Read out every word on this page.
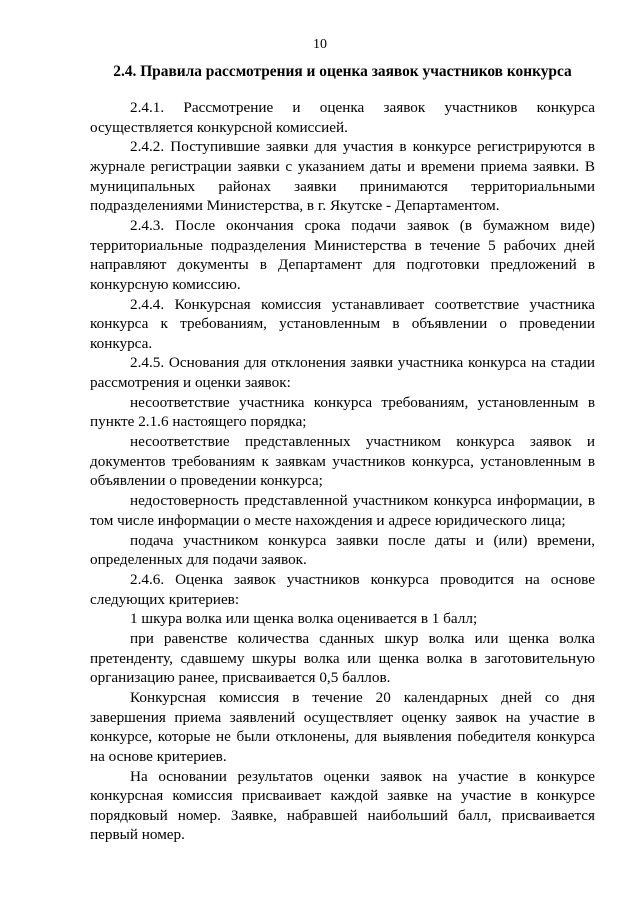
10
2.4. Правила рассмотрения и оценка заявок участников конкурса

2.4.1. Рассмотрение и оценка заявок участников конкурса осуществляется конкурсной комиссией.

2.4.2. Поступившие заявки для участия в конкурсе регистрируются в журнале регистрации заявки с указанием даты и времени приема заявки. В муниципальных районах заявки принимаются территориальными подразделениями Министерства, в г. Якутске - Департаментом.

2.4.3. После окончания срока подачи заявок (в бумажном виде) территориальные подразделения Министерства в течение 5 рабочих дней направляют документы в Департамент для подготовки предложений в конкурсную комиссию.

2.4.4. Конкурсная комиссия устанавливает соответствие участника конкурса к требованиям, установленным в объявлении о проведении конкурса.

2.4.5. Основания для отклонения заявки участника конкурса на стадии рассмотрения и оценки заявок:

несоответствие участника конкурса требованиям, установленным в пункте 2.1.6 настоящего порядка;

несоответствие представленных участником конкурса заявок и документов требованиям к заявкам участников конкурса, установленным в объявлении о проведении конкурса;

недостоверность представленной участником конкурса информации, в том числе информации о месте нахождения и адресе юридического лица;

подача участником конкурса заявки после даты и (или) времени, определенных для подачи заявок.

2.4.6. Оценка заявок участников конкурса проводится на основе следующих критериев:

1 шкура волка или щенка волка оценивается в 1 балл;

при равенстве количества сданных шкур волка или щенка волка претенденту, сдавшему шкуры волка или щенка волка в заготовительную организацию ранее, присваивается 0,5 баллов.

Конкурсная комиссия в течение 20 календарных дней со дня завершения приема заявлений осуществляет оценку заявок на участие в конкурсе, которые не были отклонены, для выявления победителя конкурса на основе критериев.

На основании результатов оценки заявок на участие в конкурсе конкурсная комиссия присваивает каждой заявке на участие в конкурсе порядковый номер. Заявке, набравшей наибольший балл, присваивается первый номер.
